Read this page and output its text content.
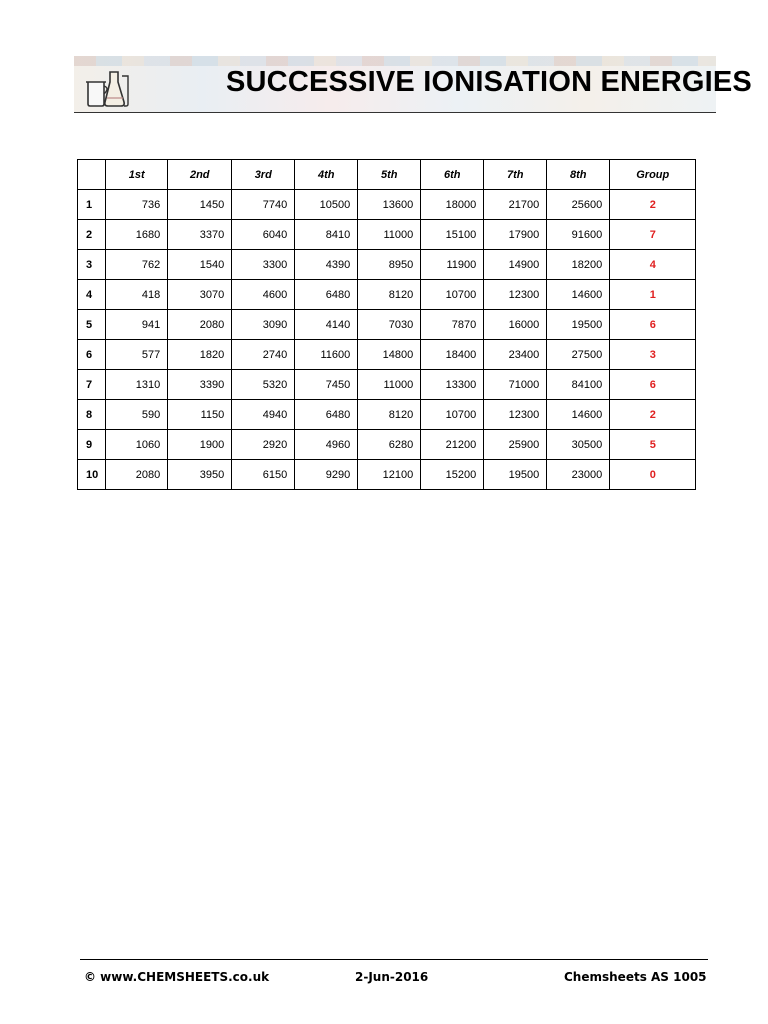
SUCCESSIVE IONISATION ENERGIES
	1st	2nd	3rd	4th	5th	6th	7th	8th	Group
1	736	1450	7740	10500	13600	18000	21700	25600	2
2	1680	3370	6040	8410	11000	15100	17900	91600	7
3	762	1540	3300	4390	8950	11900	14900	18200	4
4	418	3070	4600	6480	8120	10700	12300	14600	1
5	941	2080	3090	4140	7030	7870	16000	19500	6
6	577	1820	2740	11600	14800	18400	23400	27500	3
7	1310	3390	5320	7450	11000	13300	71000	84100	6
8	590	1150	4940	6480	8120	10700	12300	14600	2
9	1060	1900	2920	4960	6280	21200	25900	30500	5
10	2080	3950	6150	9290	12100	15200	19500	23000	0
© www.CHEMSHEETS.co.uk	2-Jun-2016	Chemsheets AS 1005
